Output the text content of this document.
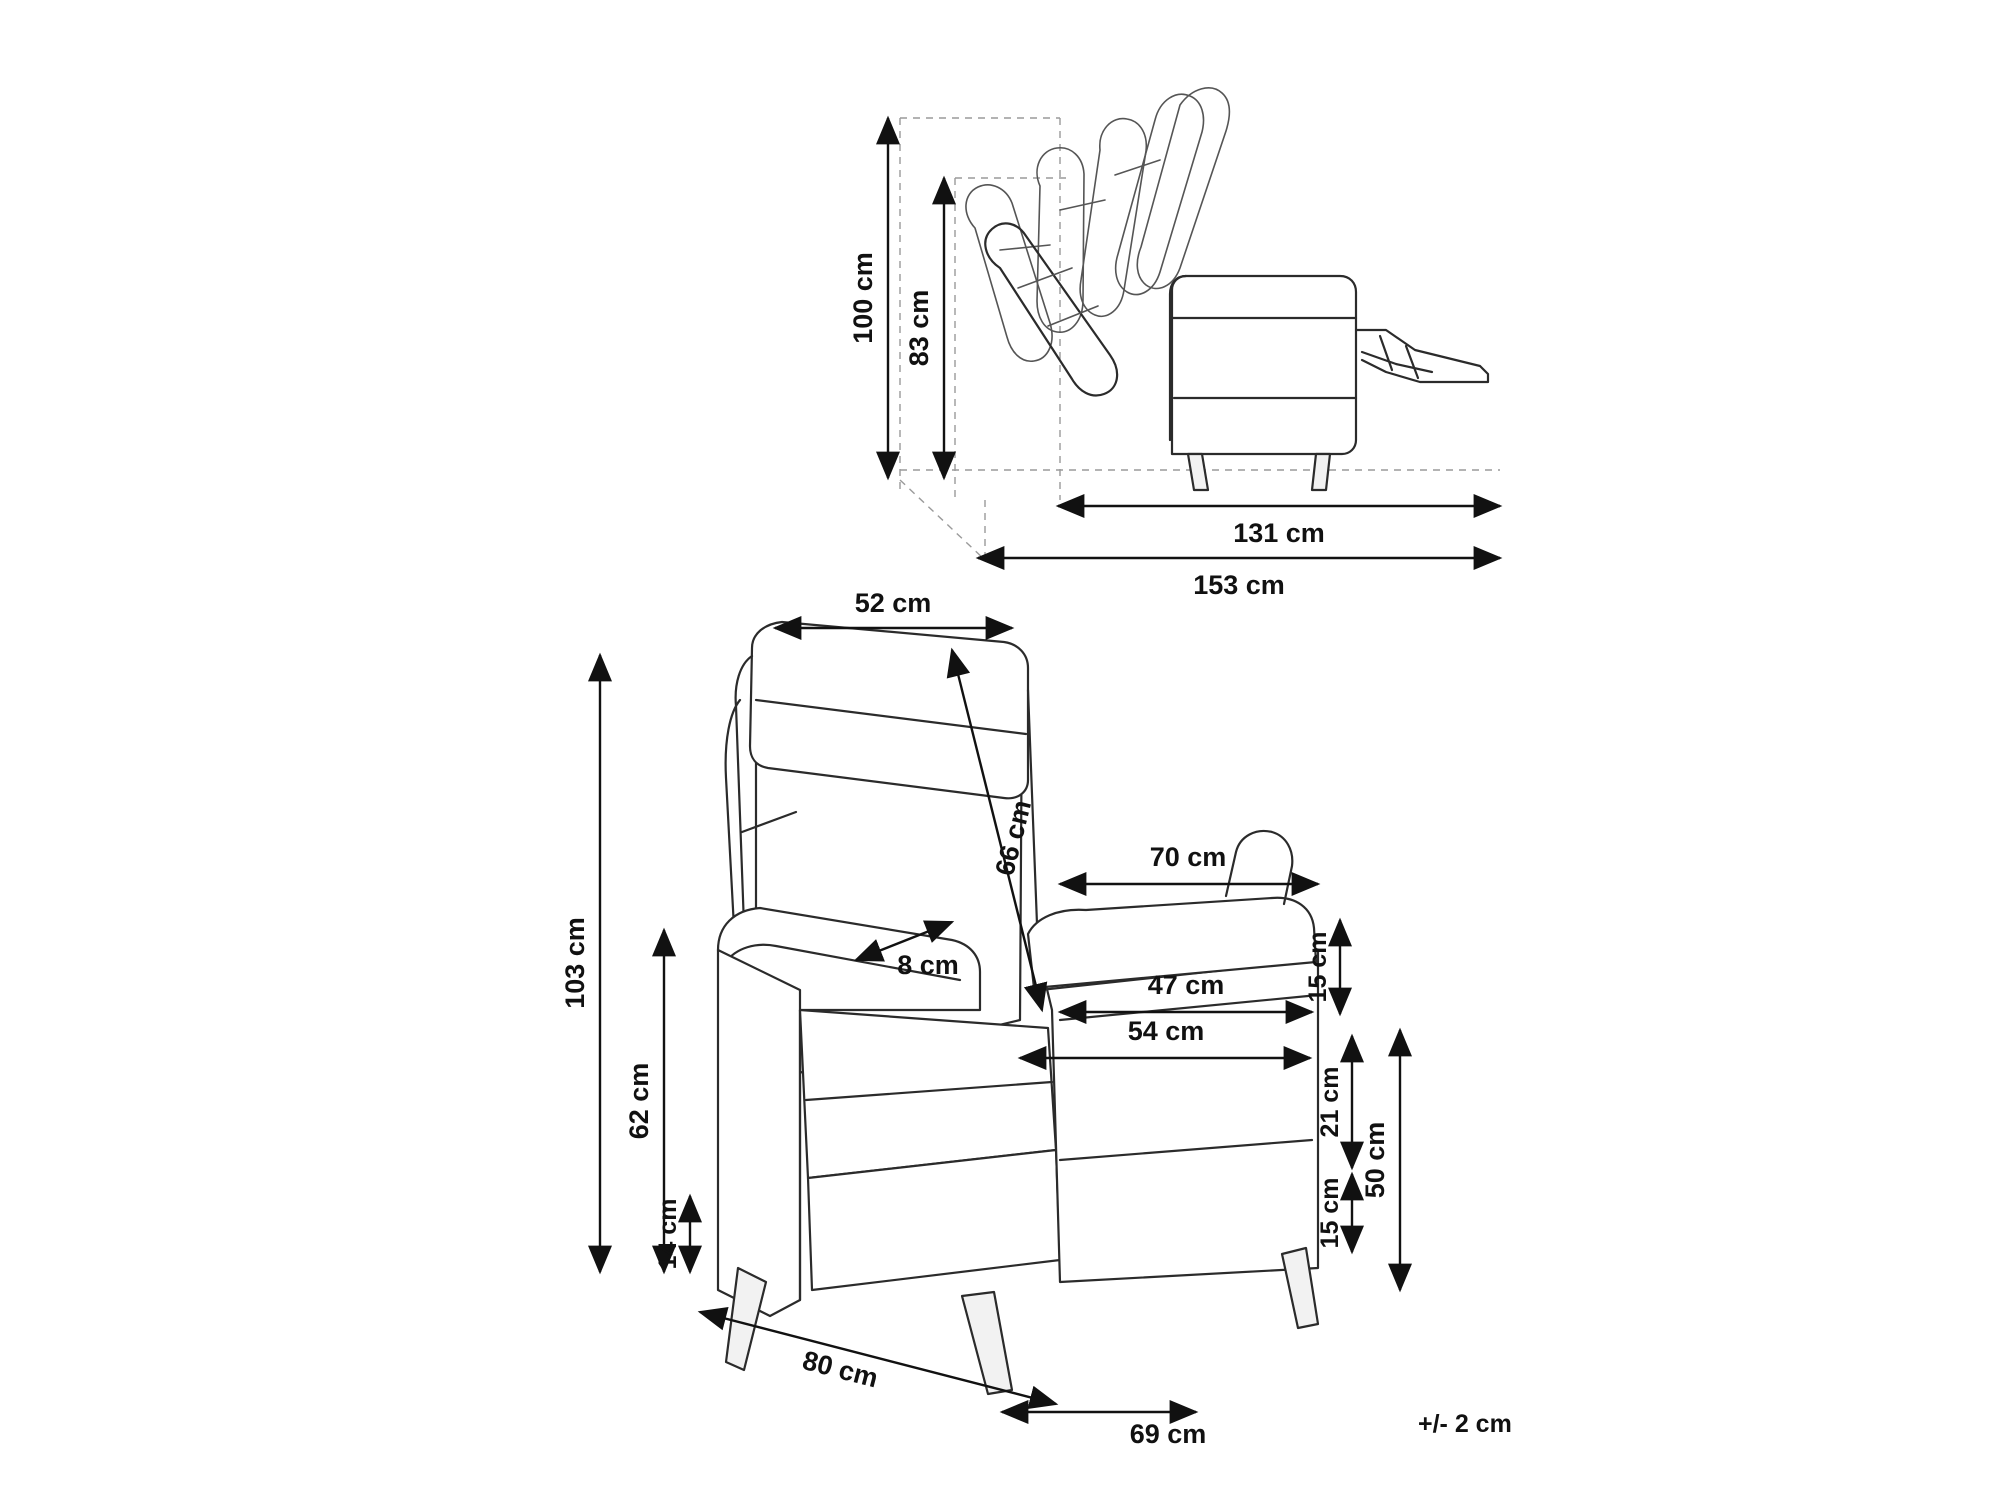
100 cm 83 cm
131 cm
153 cm
52 cm
66 cm
103 cm
62 cm
8 cm
70 cm
47 cm
54 cm
15 cm
21 cm
15 cm
50 cm
14 cm
80 cm
69 cm	+/- 2 cm
